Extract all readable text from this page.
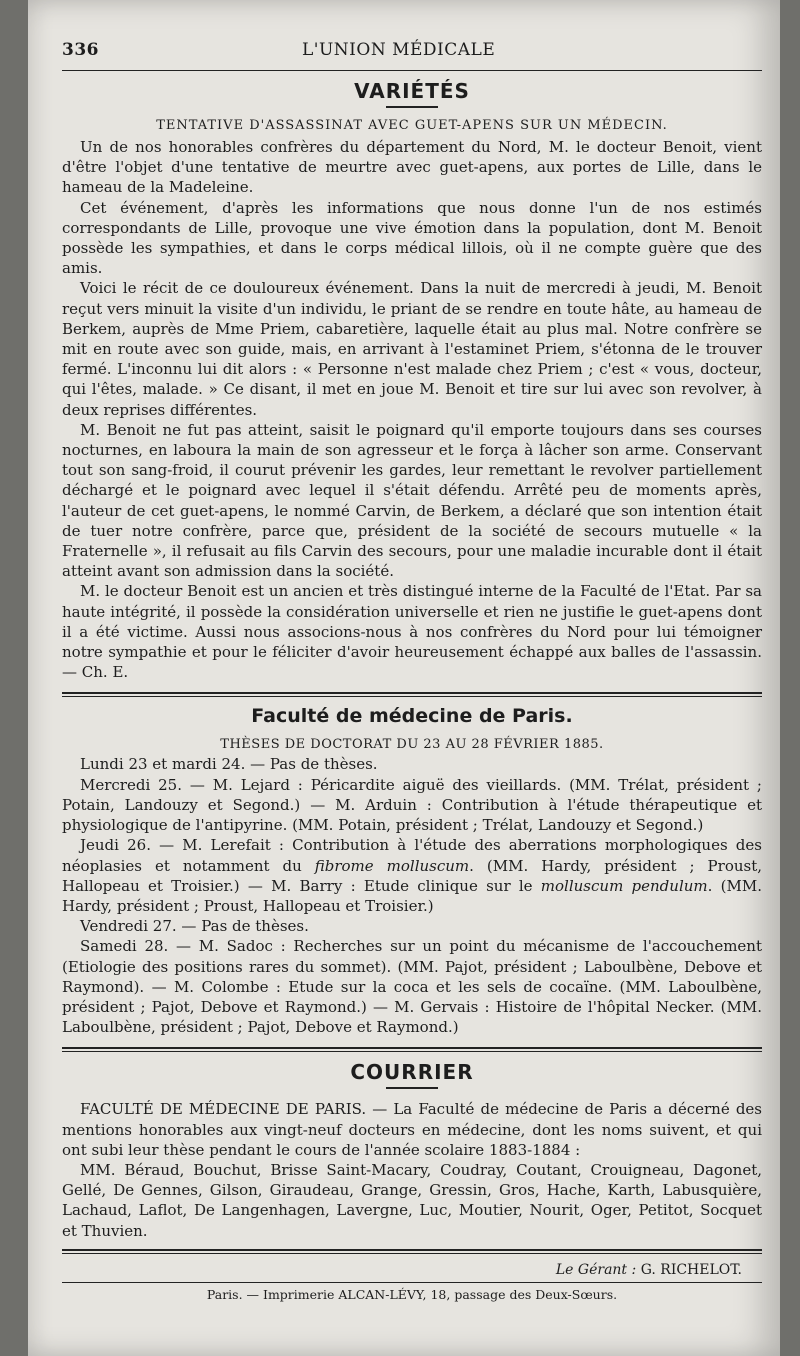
336	L'UNION MÉDICALE
VARIÉTÉS
TENTATIVE D'ASSASSINAT AVEC GUET-APENS SUR UN MÉDECIN.

Un de nos honorables confrères du département du Nord, M. le docteur Benoit, vient d'être l'objet d'une tentative de meurtre avec guet-apens, aux portes de Lille, dans le hameau de la Madeleine.

Cet événement, d'après les informations que nous donne l'un de nos estimés correspondants de Lille, provoque une vive émotion dans la population, dont M. Benoit possède les sympathies, et dans le corps médical lillois, où il ne compte guère que des amis.

Voici le récit de ce douloureux événement. Dans la nuit de mercredi à jeudi, M. Benoit reçut vers minuit la visite d'un individu, le priant de se rendre en toute hâte, au hameau de Berkem, auprès de Mme Priem, cabaretière, laquelle était au plus mal. Notre confrère se mit en route avec son guide, mais, en arrivant à l'estaminet Priem, s'étonna de le trouver fermé. L'inconnu lui dit alors : « Personne n'est malade chez Priem ; c'est « vous, docteur, qui l'êtes, malade. » Ce disant, il met en joue M. Benoit et tire sur lui avec son revolver, à deux reprises différentes.

M. Benoit ne fut pas atteint, saisit le poignard qu'il emporte toujours dans ses courses nocturnes, en laboura la main de son agresseur et le força à lâcher son arme. Conservant tout son sang-froid, il courut prévenir les gardes, leur remettant le revolver partiellement déchargé et le poignard avec lequel il s'était défendu. Arrêté peu de moments après, l'auteur de cet guet-apens, le nommé Carvin, de Berkem, a déclaré que son intention était de tuer notre confrère, parce que, président de la société de secours mutuelle « la Fraternelle », il refusait au fils Carvin des secours, pour une maladie incurable dont il était atteint avant son admission dans la société.

M. le docteur Benoit est un ancien et très distingué interne de la Faculté de l'Etat. Par sa haute intégrité, il possède la considération universelle et rien ne justifie le guet-apens dont il a été victime. Aussi nous associons-nous à nos confrères du Nord pour lui témoigner notre sympathie et pour le féliciter d'avoir heureusement échappé aux balles de l'assassin. — Ch. E.

Faculté de médecine de Paris.
THÈSES DE DOCTORAT DU 23 AU 28 FÉVRIER 1885.

Lundi 23 et mardi 24. — Pas de thèses.

Mercredi 25. — M. Lejard : Péricardite aiguë des vieillards. (MM. Trélat, président ; Potain, Landouzy et Segond.) — M. Arduin : Contribution à l'étude thérapeutique et physiologique de l'antipyrine. (MM. Potain, président ; Trélat, Landouzy et Segond.)

Jeudi 26. — M. Lerefait : Contribution à l'étude des aberrations morphologiques des néoplasies et notamment du fibrome molluscum. (MM. Hardy, président ; Proust, Hallopeau et Troisier.) — M. Barry : Etude clinique sur le molluscum pendulum. (MM. Hardy, président ; Proust, Hallopeau et Troisier.)

Vendredi 27. — Pas de thèses.

Samedi 28. — M. Sadoc : Recherches sur un point du mécanisme de l'accouchement (Etiologie des positions rares du sommet). (MM. Pajot, président ; Laboulbène, Debove et Raymond). — M. Colombe : Etude sur la coca et les sels de cocaïne. (MM. Laboulbène, président ; Pajot, Debove et Raymond.) — M. Gervais : Histoire de l'hôpital Necker. (MM. Laboulbène, président ; Pajot, Debove et Raymond.)

COURRIER

FACULTÉ DE MÉDECINE DE PARIS. — La Faculté de médecine de Paris a décerné des mentions honorables aux vingt-neuf docteurs en médecine, dont les noms suivent, et qui ont subi leur thèse pendant le cours de l'année scolaire 1883-1884 :

MM. Béraud, Bouchut, Brisse Saint-Macary, Coudray, Coutant, Crouigneau, Dagonet, Gellé, De Gennes, Gilson, Giraudeau, Grange, Gressin, Gros, Hache, Karth, Labusquière, Lachaud, Laflot, De Langenhagen, Lavergne, Luc, Moutier, Nourit, Oger, Petitot, Socquet et Thuvien.

Le Gérant : G. RICHELOT.
Paris. — Imprimerie ALCAN-LÉVY, 18, passage des Deux-Sœurs.
